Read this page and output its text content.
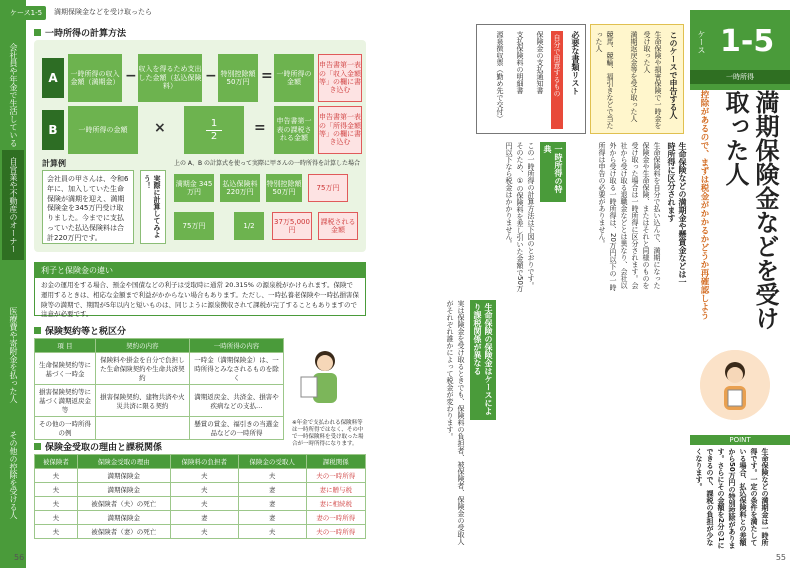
会社員や年金で生活している
自営業や不動産のオーナー
医療費や寄附金を払った人
その他の控除を受ける人
ケース1-5	満期保険金などを受け取ったら
一時所得の計算方法
A	一時所得の収入金額（満期金） − 収入を得るため支出した金額（払込保険料）
− 特別控除額50万円 = 一時所得の金額
申告書第一表の「収入金額等」の欄に書き込む
B	一時所得の金額	×	1
2	=	申告書第一表の課税される金額
申告書第一表の「所得金額等」の欄に書き込む
計算例
会社員の甲さんは、令和6年に、加入していた生命保険が満期を迎え、満期保険金を345万円受け取りました。今までに支払っていた払込保険料は合計220万円です。
上の A、B の計算式を使って実際に甲さんの一時所得を計算した場合
実際に計算してみよう！	満期金 345万円
払込保険料 220万円
特別控除額 50万円
75万円
75万円	1/2
37万5,000円
課税される金額
利子と保険金の違い
お金の運用をする場合、預金や国債などの利子は受取時に通常 20.315% の源泉税がかけられます。保険で運用するときは、相応な金額まで利益がかからない場合もあります。ただし、一時払養老保険や一時払損害保険等の満期で、期間が5年以内と短いものは、同じように源泉徴収されて課税が完了することもありますので注意が必要です。
保険契約等と税区分
項 目	契約の内容	一時所得の内容
生命保険契約等に基づく一時金	保険料や掛金を自分で負担した生命保険契約や生命共済契約	一時金（満期保険金）は、一時所得とみなされるものを除く
損害保険契約等に基づく満期返戻金等	損害保険契約、建物共済や火災共済に限る契約	満期返戻金、共済金、損害や疾病などの支払…
その他の一時所得の例		懸賞の賞金、福引きの当選金品などの一時所得
※年金で支払われる保険料等は一時所得ではなく、その中で一時保険料を受け取った場合が一時所得になります。
保険金受取の理由と課税関係
被保険者	保険金受取の理由	保険料の負担者	保険金の受取人	課税関係
夫	満期保険金	夫	夫	夫の一時所得
夫	満期保険金	夫	妻	妻に贈与税
夫	被保険者（夫）の死亡	夫	妻	妻に相続税
夫	満期保険金	妻	妻	妻の一時所得
夫	被保険者（妻）の死亡	夫	夫	夫の一時所得
56
ケース 1-5
一時所得
満期保険金などを受け取った人
控除があるので、まずは税金がかかるかどうか再確認しよう
POINT
生命保険などの満期金は一時所得です。一定の条件を満たしている場合、払込保険料との差額から50万円の特別控除があります。さらにその金額を2分の1にできるので、課税の負担が少なくなります。
このケースで申告する人
生命保険や損害保険で一時金を受け取った人
満期返戻金等を受け取った人
競馬、競輪、福引きなどで当たった人
必要な書類リスト
自分で用意するもの
保険金の支払通知書
支払保険料の明細書
源泉徴収票（勤め先で交付）
生命保険などの満期金や懸賞金などは一時所得に区分されます
生命保険料を自分で払い込んで、満期になった保険金や生命保険、またはそれと同様のものを受け取った場合は一時所得に区分されます。会社から受け取る退職金などとは異なり、会社以外から受け取る一時所得は、20万円以下の一時所得は申告の必要がありません。
一時所得の特典
この一時所得の計算方法は下図のとおりです。そのため、①の保険料を差し引いた金額で50万円以下なら税金はかかりません。
生命保険の保険金はケースにより課税関係が異なる
実は保険金を受け取るときでも、保険料の負担者、被保険者、保険金の受取人がそれぞれ誰かによって税金が変わります。
55
